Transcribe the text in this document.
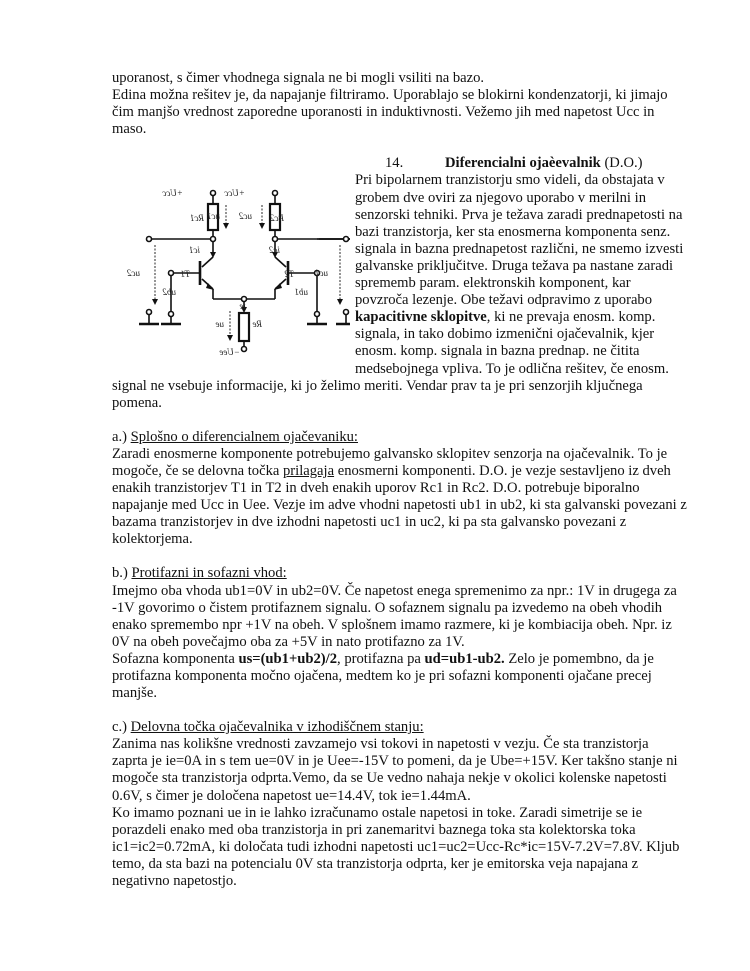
uporanost, s čimer vhodnega signala ne bi mogli vsiliti na bazo.

Edina možna rešitev je, da napajanje filtriramo. Uporablajo se blokirni kondenzatorji, ki jimajo čim manjšo vrednost zaporedne uporanosti in induktivnosti. Vežemo jih med napetost Ucc in maso.

+Ucc
+Ucc
Rc2
Rc1	uc2
uc1
ic2
ic1
T2
T1
uc2	uc1
ub2	ub1
ie
Re
ue
−Uee

14.	Diferencialni ojaèevalnik (D.O.)

Pri bipolarnem tranzistorju smo videli, da obstajata v grobem dve oviri za njegovo uporabo v merilni in senzorski tehniki. Prva je težava zaradi prednapetosti na bazi tranzistorja, ker sta enosmerna komponenta senz. signala in bazna prednapetost različni, ne smemo izvesti galvanske priključitve. Druga težava pa nastane zaradi sprememb param. elektronskih komponent, kar povzroča lezenje. Obe težavi odpravimo z uporabo kapacitivne sklopitve, ki ne prevaja enosm. komp. signala, in tako dobimo izmenični ojačevalnik, kjer enosm. komp. signala in bazna prednap. ne čitita medsebojnega vpliva. To je odlična rešitev, če enosm. signal ne vsebuje informacije, ki jo želimo meriti. Vendar prav ta je pri senzorjih ključnega pomena.

a.) Splošno o diferencialnem ojačevaniku:

Zaradi enosmerne komponente potrebujemo galvansko sklopitev senzorja na ojačevalnik. To je mogoče, če se delovna točka prilagaja enosmerni komponenti. D.O. je vezje sestavljeno iz dveh enakih tranzistorjev T1 in T2 in dveh enakih uporov Rc1 in Rc2. D.O. potrebuje biporalno napajanje med Ucc in Uee. Vezje im adve vhodni napetosti ub1 in ub2, ki sta galvanski povezani z bazama tranzistorjev in dve izhodni napetosti uc1 in uc2, ki pa sta galvansko povezani z kolektorjema.

b.) Protifazni in sofazni vhod:

Imejmo oba vhoda ub1=0V in ub2=0V. Če napetost enega spremenimo za npr.: 1V in drugega za -1V govorimo o čistem protifaznem signalu. O sofaznem signalu pa izvedemo na obeh vhodih enako spremembo npr +1V na obeh. V splošnem imamo razmere, ki je kombiacija obeh. Npr. iz 0V na obeh povečajmo oba za +5V in nato protifazno za 1V.

Sofazna komponenta us=(ub1+ub2)/2, protifazna pa ud=ub1-ub2. Zelo je pomembno, da je protifazna komponenta močno ojačena, medtem ko je pri sofazni komponenti ojačane precej manjše.

c.) Delovna točka ojačevalnika v izhodiščnem stanju:

Zanima nas kolikšne vrednosti zavzamejo vsi tokovi in napetosti v vezju. Če sta tranzistorja zaprta je ie=0A in s tem ue=0V in je Uee=-15V to pomeni, da je Ube=+15V. Ker takšno stanje ni mogoče sta tranzistorja odprta.Vemo, da se Ue vedno nahaja nekje v okolici kolenske napetosti 0.6V, s čimer je določena napetost ue=14.4V, tok ie=1.44mA.

Ko imamo poznani ue in ie lahko izračunamo ostale napetosi in toke. Zaradi simetrije se ie porazdeli enako med oba tranzistorja in pri zanemaritvi baznega toka sta kolektorska toka ic1=ic2=0.72mA, ki določata tudi izhodni napetosti uc1=uc2=Ucc-Rc*ic=15V-7.2V=7.8V. Kljub temo, da sta bazi na potencialu 0V sta tranzistorja odprta, ker je emitorska veja napajana z negativno napetostjo.
